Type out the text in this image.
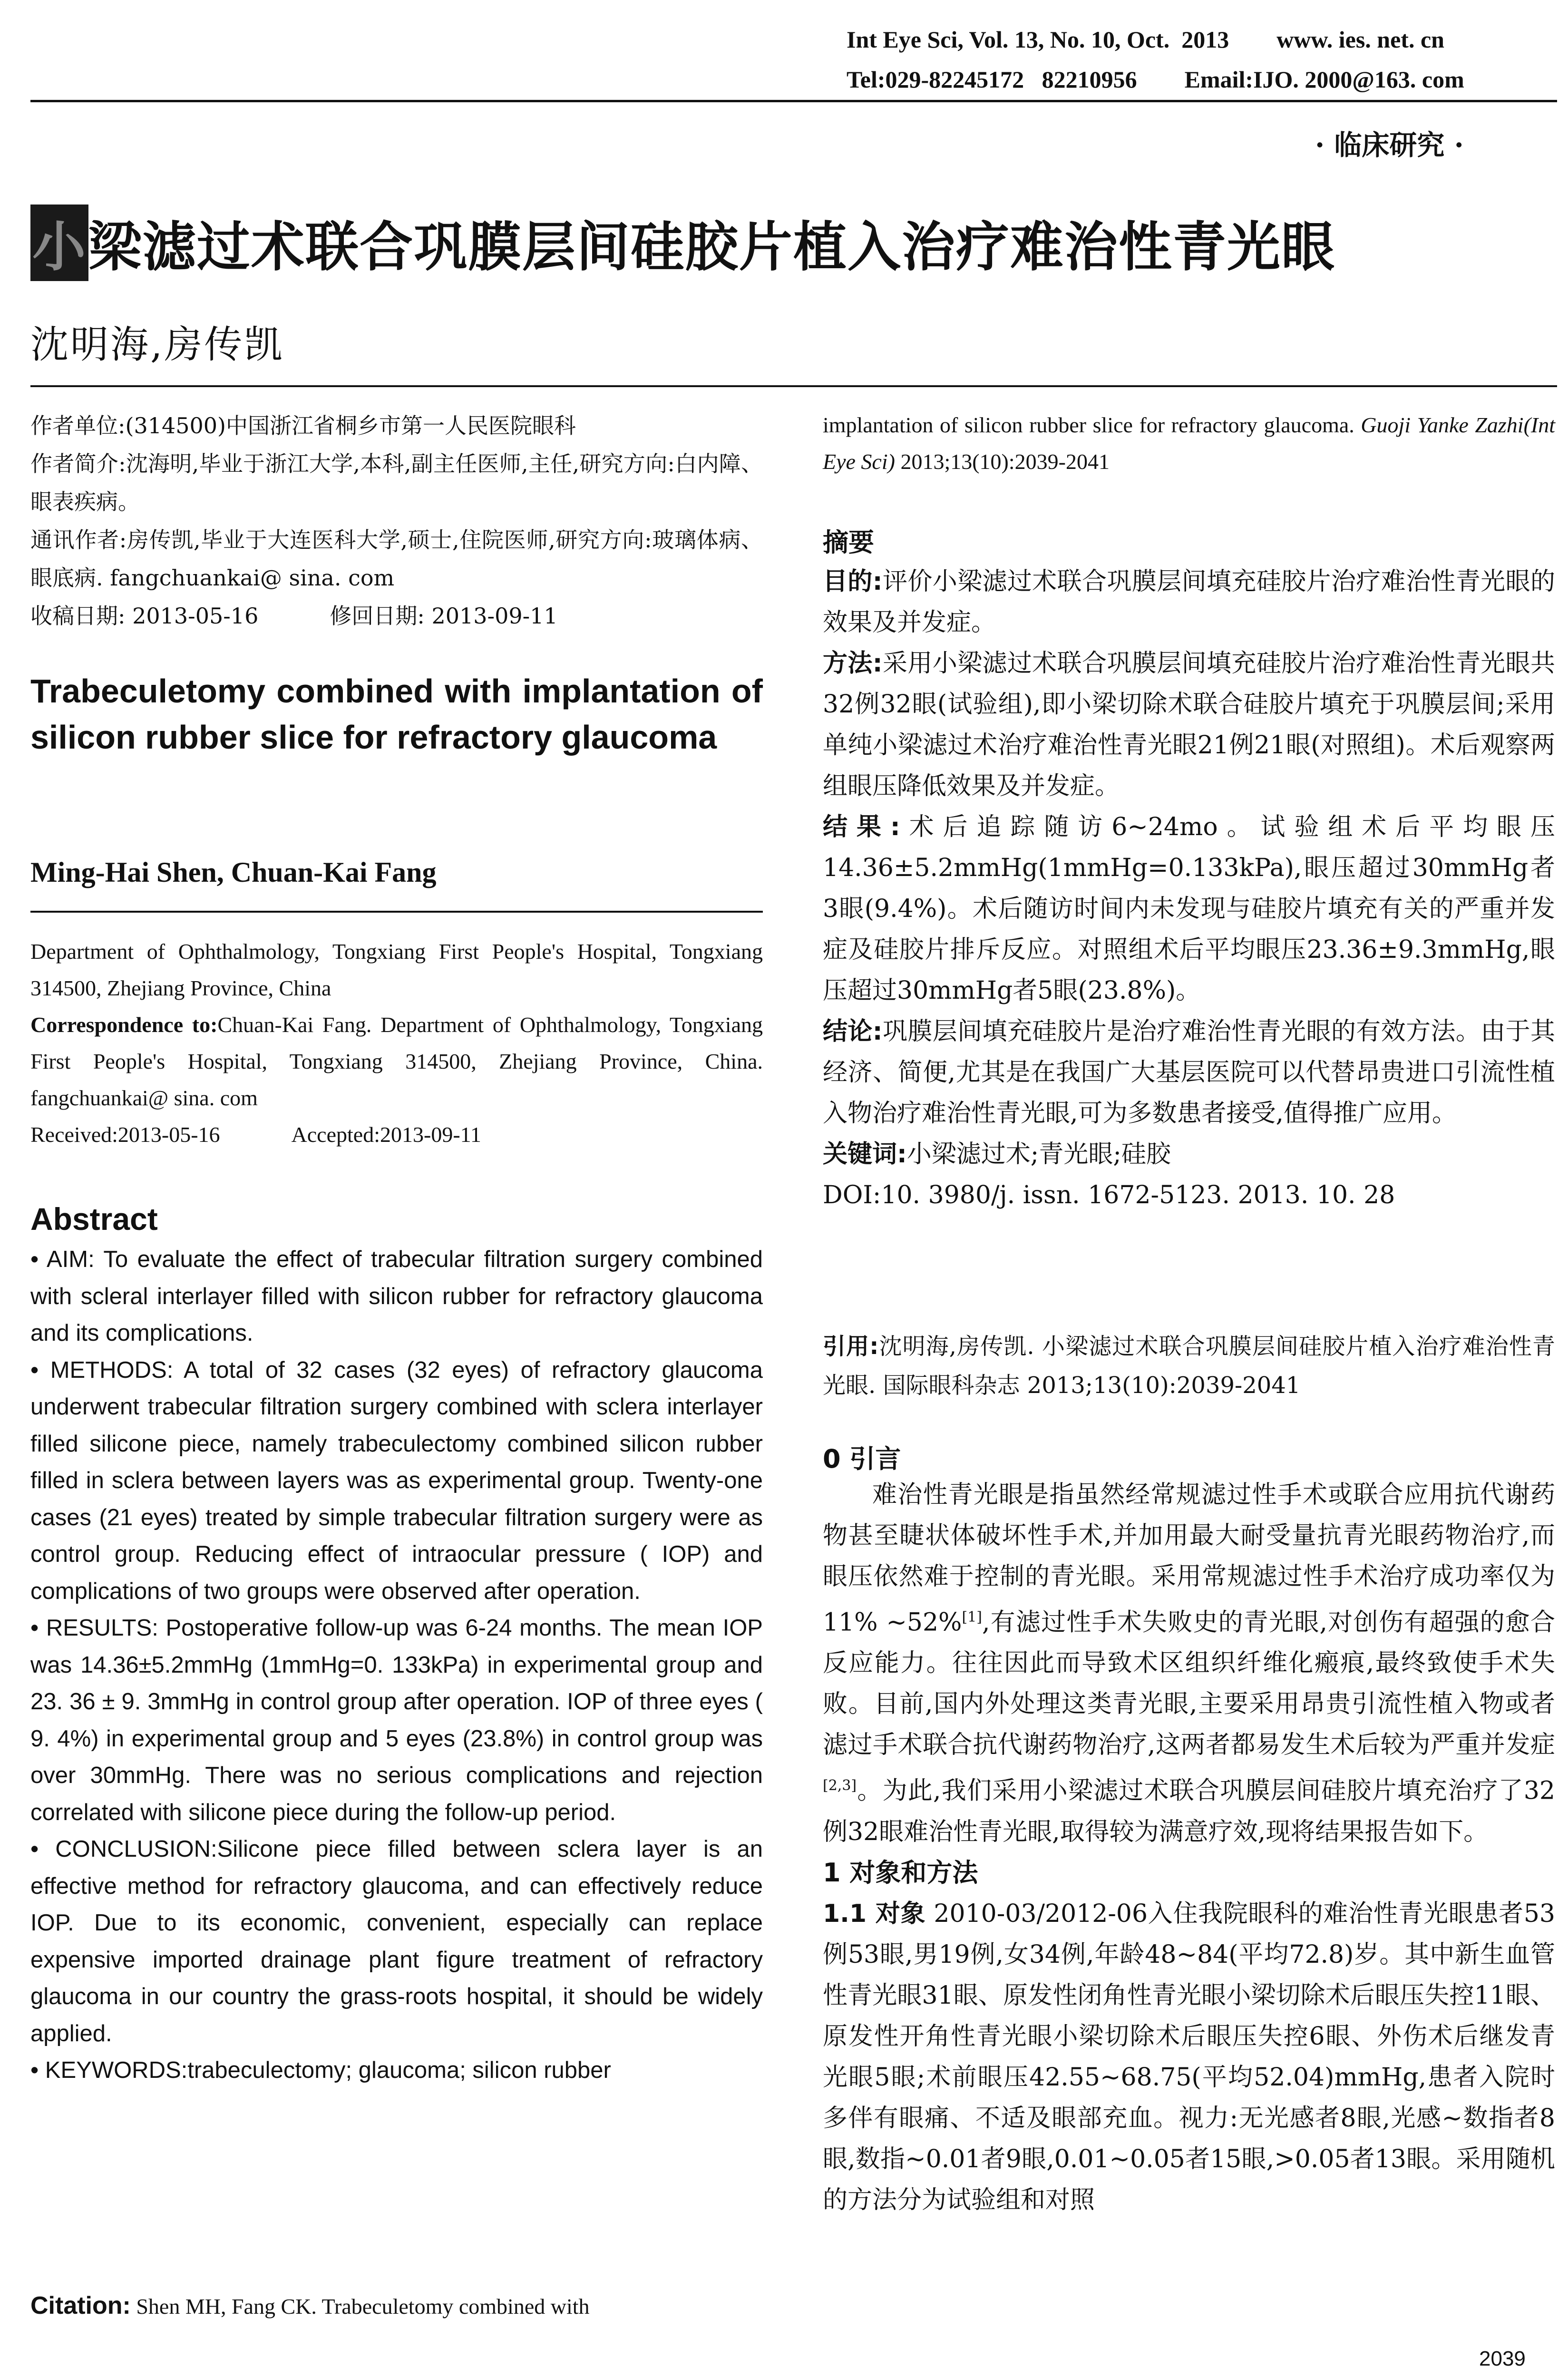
Int Eye Sci, Vol. 13, No. 10, Oct.  2013        www. ies. net. cn
Tel:029-82245172   82210956        Email:IJO. 2000@163. com
· 临床研究 ·
小梁滤过术联合巩膜层间硅胶片植入治疗难治性青光眼
沈明海,房传凯

作者单位:(314500)中国浙江省桐乡市第一人民医院眼科

作者简介:沈海明,毕业于浙江大学,本科,副主任医师,主任,研究方向:白内障、眼表疾病。

通讯作者:房传凯,毕业于大连医科大学,硕士,住院医师,研究方向:玻璃体病、眼底病. fangchuankai@ sina. com

收稿日期: 2013-05-16	修回日期: 2013-09-11
Trabeculetomy combined with implantation of silicon rubber slice for refractory glaucoma
Ming-Hai Shen, Chuan-Kai Fang

Department of Ophthalmology, Tongxiang First People's Hospital, Tongxiang 314500, Zhejiang Province, China

Correspondence to:Chuan-Kai Fang. Department of Ophthalmology, Tongxiang First People's Hospital, Tongxiang 314500, Zhejiang Province, China. fangchuankai@ sina. com

Received:2013-05-16	Accepted:2013-09-11
Abstract

• AIM: To evaluate the effect of trabecular filtration surgery combined with scleral interlayer filled with silicon rubber for refractory glaucoma and its complications.

• METHODS: A total of 32 cases (32 eyes) of refractory glaucoma underwent trabecular filtration surgery combined with sclera interlayer filled silicone piece, namely trabeculectomy combined silicon rubber filled in sclera between layers was as experimental group. Twenty-one cases (21 eyes) treated by simple trabecular filtration surgery were as control group. Reducing effect of intraocular pressure ( IOP) and complications of two groups were observed after operation.

• RESULTS: Postoperative follow-up was 6-24 months. The mean IOP was 14.36±5.2mmHg (1mmHg=0. 133kPa) in experimental group and 23. 36 ± 9. 3mmHg in control group after operation. IOP of three eyes ( 9. 4%) in experimental group and 5 eyes (23.8%) in control group was over 30mmHg. There was no serious complications and rejection correlated with silicone piece during the follow-up period.

• CONCLUSION:Silicone piece filled between sclera layer is an effective method for refractory glaucoma, and can effectively reduce IOP. Due to its economic, convenient, especially can replace expensive imported drainage plant figure treatment of refractory glaucoma in our country the grass-roots hospital, it should be widely applied.

• KEYWORDS:trabeculectomy; glaucoma; silicon rubber

Citation: Shen MH, Fang CK. Trabeculetomy combined with

implantation of silicon rubber slice for refractory glaucoma. Guoji Yanke Zazhi(Int Eye Sci) 2013;13(10):2039-2041

摘要

目的:评价小梁滤过术联合巩膜层间填充硅胶片治疗难治性青光眼的效果及并发症。

方法:采用小梁滤过术联合巩膜层间填充硅胶片治疗难治性青光眼共32例32眼(试验组),即小梁切除术联合硅胶片填充于巩膜层间;采用单纯小梁滤过术治疗难治性青光眼21例21眼(对照组)。术后观察两组眼压降低效果及并发症。

结果:术后追踪随访6~24mo。试验组术后平均眼压14.36±5.2mmHg(1mmHg=0.133kPa),眼压超过30mmHg者3眼(9.4%)。术后随访时间内未发现与硅胶片填充有关的严重并发症及硅胶片排斥反应。对照组术后平均眼压23.36±9.3mmHg,眼压超过30mmHg者5眼(23.8%)。

结论:巩膜层间填充硅胶片是治疗难治性青光眼的有效方法。由于其经济、简便,尤其是在我国广大基层医院可以代替昂贵进口引流性植入物治疗难治性青光眼,可为多数患者接受,值得推广应用。

关键词:小梁滤过术;青光眼;硅胶

DOI:10. 3980/j. issn. 1672-5123. 2013. 10. 28

引用:沈明海,房传凯. 小梁滤过术联合巩膜层间硅胶片植入治疗难治性青光眼. 国际眼科杂志 2013;13(10):2039-2041

0 引言

难治性青光眼是指虽然经常规滤过性手术或联合应用抗代谢药物甚至睫状体破坏性手术,并加用最大耐受量抗青光眼药物治疗,而眼压依然难于控制的青光眼。采用常规滤过性手术治疗成功率仅为11% ~52%[1],有滤过性手术失败史的青光眼,对创伤有超强的愈合反应能力。往往因此而导致术区组织纤维化瘢痕,最终致使手术失败。目前,国内外处理这类青光眼,主要采用昂贵引流性植入物或者滤过手术联合抗代谢药物治疗,这两者都易发生术后较为严重并发症[2,3]。为此,我们采用小梁滤过术联合巩膜层间硅胶片填充治疗了32例32眼难治性青光眼,取得较为满意疗效,现将结果报告如下。

1 对象和方法

1.1 对象 2010-03/2012-06入住我院眼科的难治性青光眼患者53例53眼,男19例,女34例,年龄48~84(平均72.8)岁。其中新生血管性青光眼31眼、原发性闭角性青光眼小梁切除术后眼压失控11眼、原发性开角性青光眼小梁切除术后眼压失控6眼、外伤术后继发青光眼5眼;术前眼压42.55~68.75(平均52.04)mmHg,患者入院时多伴有眼痛、不适及眼部充血。视力:无光感者8眼,光感~数指者8眼,数指~0.01者9眼,0.01~0.05者15眼,>0.05者13眼。采用随机的方法分为试验组和对照

2039
